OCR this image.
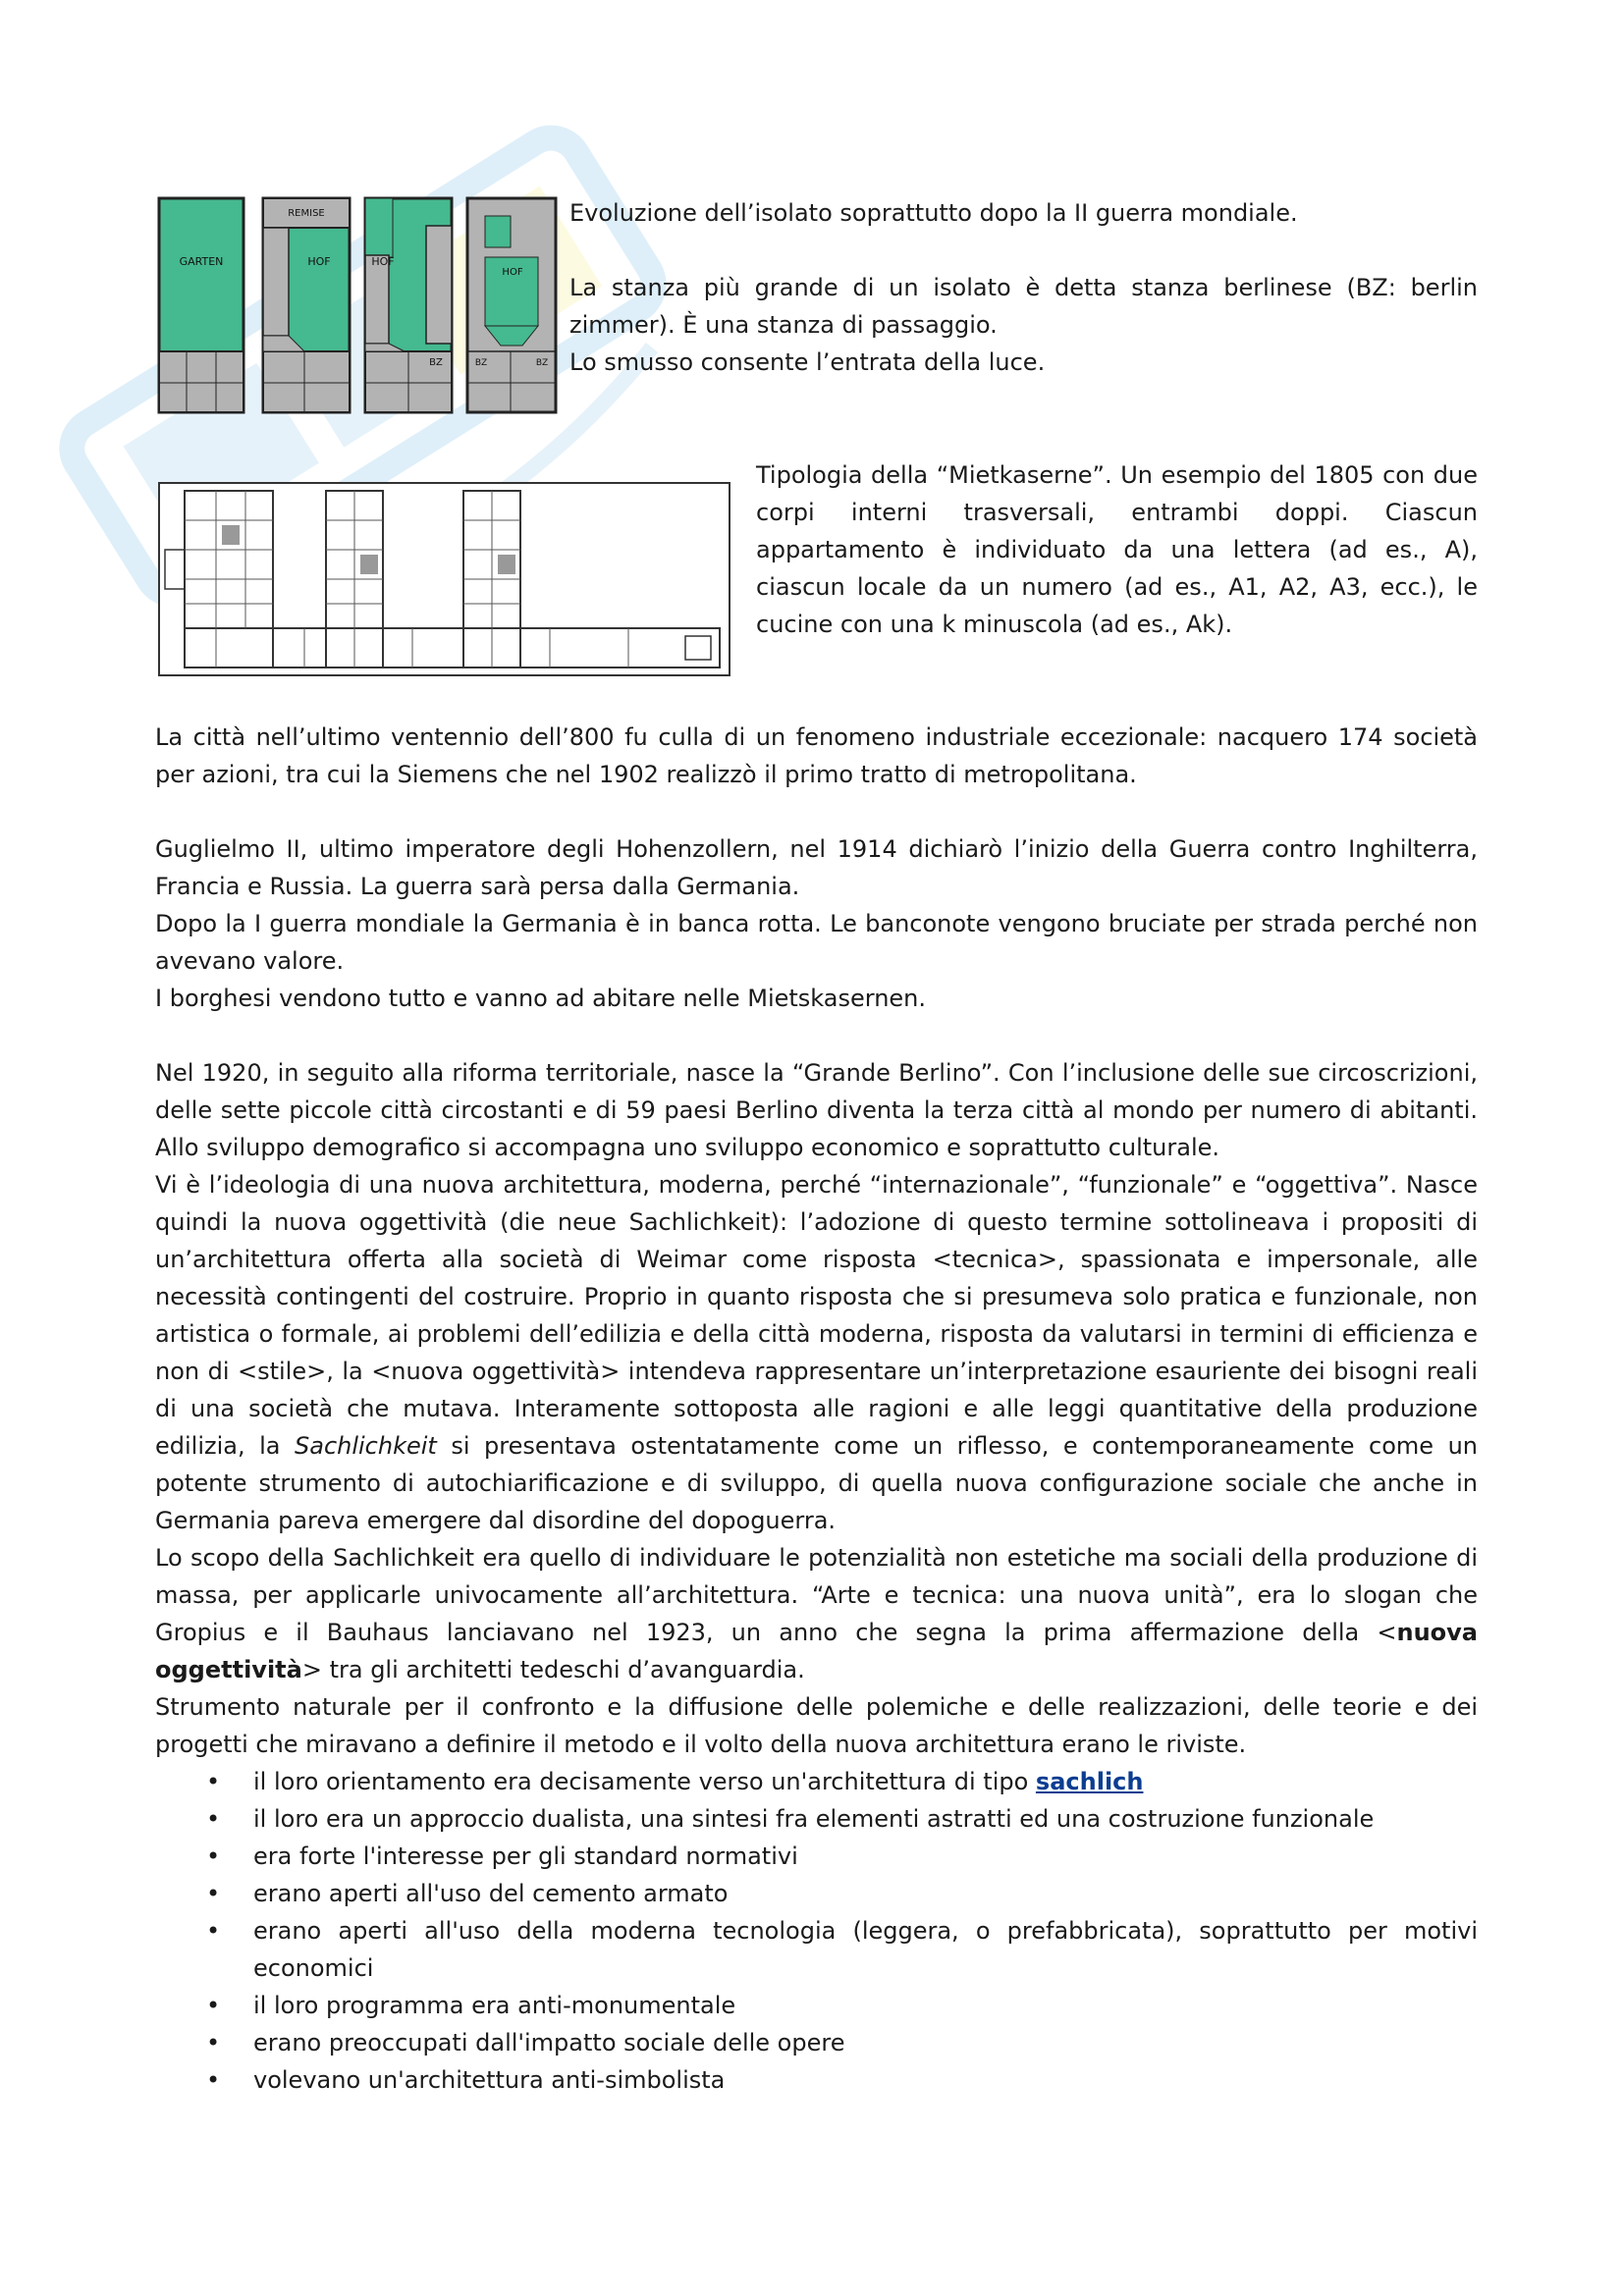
GARTEN
REMISE
HOF	HOF
BZ
HOF
BZ	BZ

Evoluzione dell’isolato soprattutto dopo la II guerra mondiale.

La stanza più grande di un isolato è detta stanza berlinese (BZ: berlin zimmer). È una stanza di passaggio.
Lo smusso consente l’entrata della luce.

Tipologia della “Mietkaserne”. Un esempio del 1805 con due corpi interni trasversali, entrambi doppi. Ciascun appartamento è individuato da una lettera (ad es., A), ciascun locale da un numero (ad es., A1, A2, A3, ecc.), le cucine con una k minuscola (ad es., Ak).

La città nell’ultimo ventennio dell’800 fu culla di un fenomeno industriale eccezionale: nacquero 174 società per azioni, tra cui la Siemens che nel 1902 realizzò il primo tratto di metropolitana.

Guglielmo II, ultimo imperatore degli Hohenzollern, nel 1914 dichiarò l’inizio della Guerra contro Inghilterra, Francia e Russia. La guerra sarà persa dalla Germania.

Dopo la I guerra mondiale la Germania è in banca rotta. Le banconote vengono bruciate per strada perché non avevano valore.

I borghesi vendono tutto e vanno ad abitare nelle Mietskasernen.

Nel 1920, in seguito alla riforma territoriale, nasce la “Grande Berlino”. Con l’inclusione delle sue circoscrizioni, delle sette piccole città circostanti e di 59 paesi Berlino diventa la terza città al mondo per numero di abitanti. Allo sviluppo demografico si accompagna uno sviluppo economico e soprattutto culturale.

Vi è l’ideologia di una nuova architettura, moderna, perché “internazionale”, “funzionale” e “oggettiva”. Nasce quindi la nuova oggettività (die neue Sachlichkeit): l’adozione di questo termine sottolineava i propositi di un’architettura offerta alla società di Weimar come risposta <tecnica>, spassionata e impersonale, alle necessità contingenti del costruire. Proprio in quanto risposta che si presumeva solo pratica e funzionale, non artistica o formale, ai problemi dell’edilizia e della città moderna, risposta da valutarsi in termini di efficienza e non di <stile>, la <nuova oggettività> intendeva rappresentare un’interpretazione esauriente dei bisogni reali di una società che mutava. Interamente sottoposta alle ragioni e alle leggi quantitative della produzione edilizia, la Sachlichkeit si presentava ostentatamente come un riflesso, e contemporaneamente come un potente strumento di autochiarificazione e di sviluppo, di quella nuova configurazione sociale che anche in Germania pareva emergere dal disordine del dopoguerra.

Lo scopo della Sachlichkeit era quello di individuare le potenzialità non estetiche ma sociali della produzione di massa, per applicarle univocamente all’architettura. “Arte e tecnica: una nuova unità”, era lo slogan che Gropius e il Bauhaus lanciavano nel 1923, un anno che segna la prima affermazione della <nuova oggettività> tra gli architetti tedeschi d’avanguardia.

Strumento naturale per il confronto e la diffusione delle polemiche e delle realizzazioni, delle teorie e dei progetti che miravano a definire il metodo e il volto della nuova architettura erano le riviste.

• il loro orientamento era decisamente verso un'architettura di tipo sachlich
• il loro era un approccio dualista, una sintesi fra elementi astratti ed una costruzione funzionale
• era forte l'interesse per gli standard normativi
• erano aperti all'uso del cemento armato
• erano aperti all'uso della moderna tecnologia (leggera, o prefabbricata), soprattutto per motivi economici
• il loro programma era anti-monumentale
• erano preoccupati dall'impatto sociale delle opere
• volevano un'architettura anti-simbolista
